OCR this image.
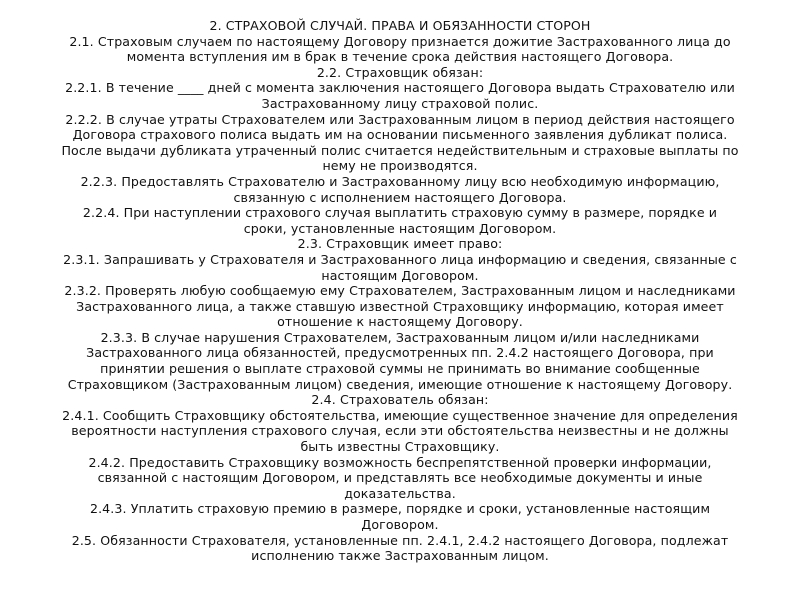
2. СТРАХОВОЙ СЛУЧАЙ. ПРАВА И ОБЯЗАННОСТИ СТОРОН

2.1. Страховым случаем по настоящему Договору признается дожитие Застрахованного лица до момента вступления им в брак в течение срока действия настоящего Договора.

2.2. Страховщик обязан:

2.2.1. В течение ____ дней с момента заключения настоящего Договора выдать Страхователю или Застрахованному лицу страховой полис.

2.2.2. В случае утраты Страхователем или Застрахованным лицом в период действия настоящего Договора страхового полиса выдать им на основании письменного заявления дубликат полиса.

После выдачи дубликата утраченный полис считается недействительным и страховые выплаты по нему не производятся.

2.2.3. Предоставлять Страхователю и Застрахованному лицу всю необходимую информацию, связанную с исполнением настоящего Договора.

2.2.4. При наступлении страхового случая выплатить страховую сумму в размере, порядке и сроки, установленные настоящим Договором.

2.3. Страховщик имеет право:

2.3.1. Запрашивать у Страхователя и Застрахованного лица информацию и сведения, связанные с настоящим Договором.

2.3.2. Проверять любую сообщаемую ему Страхователем, Застрахованным лицом и наследниками Застрахованного лица, а также ставшую известной Страховщику информацию, которая имеет отношение к настоящему Договору.

2.3.3. В случае нарушения Страхователем, Застрахованным лицом и/или наследниками Застрахованного лица обязанностей, предусмотренных пп. 2.4.2 настоящего Договора, при принятии решения о выплате страховой суммы не принимать во внимание сообщенные Страховщиком (Застрахованным лицом) сведения, имеющие отношение к настоящему Договору.

2.4. Страхователь обязан:

2.4.1. Сообщить Страховщику обстоятельства, имеющие существенное значение для определения вероятности наступления страхового случая, если эти обстоятельства неизвестны и не должны быть известны Страховщику.

2.4.2. Предоставить Страховщику возможность беспрепятственной проверки информации, связанной с настоящим Договором, и представлять все необходимые документы и иные доказательства.

2.4.3. Уплатить страховую премию в размере, порядке и сроки, установленные настоящим Договором.

2.5. Обязанности Страхователя, установленные пп. 2.4.1, 2.4.2 настоящего Договора, подлежат исполнению также Застрахованным лицом.
